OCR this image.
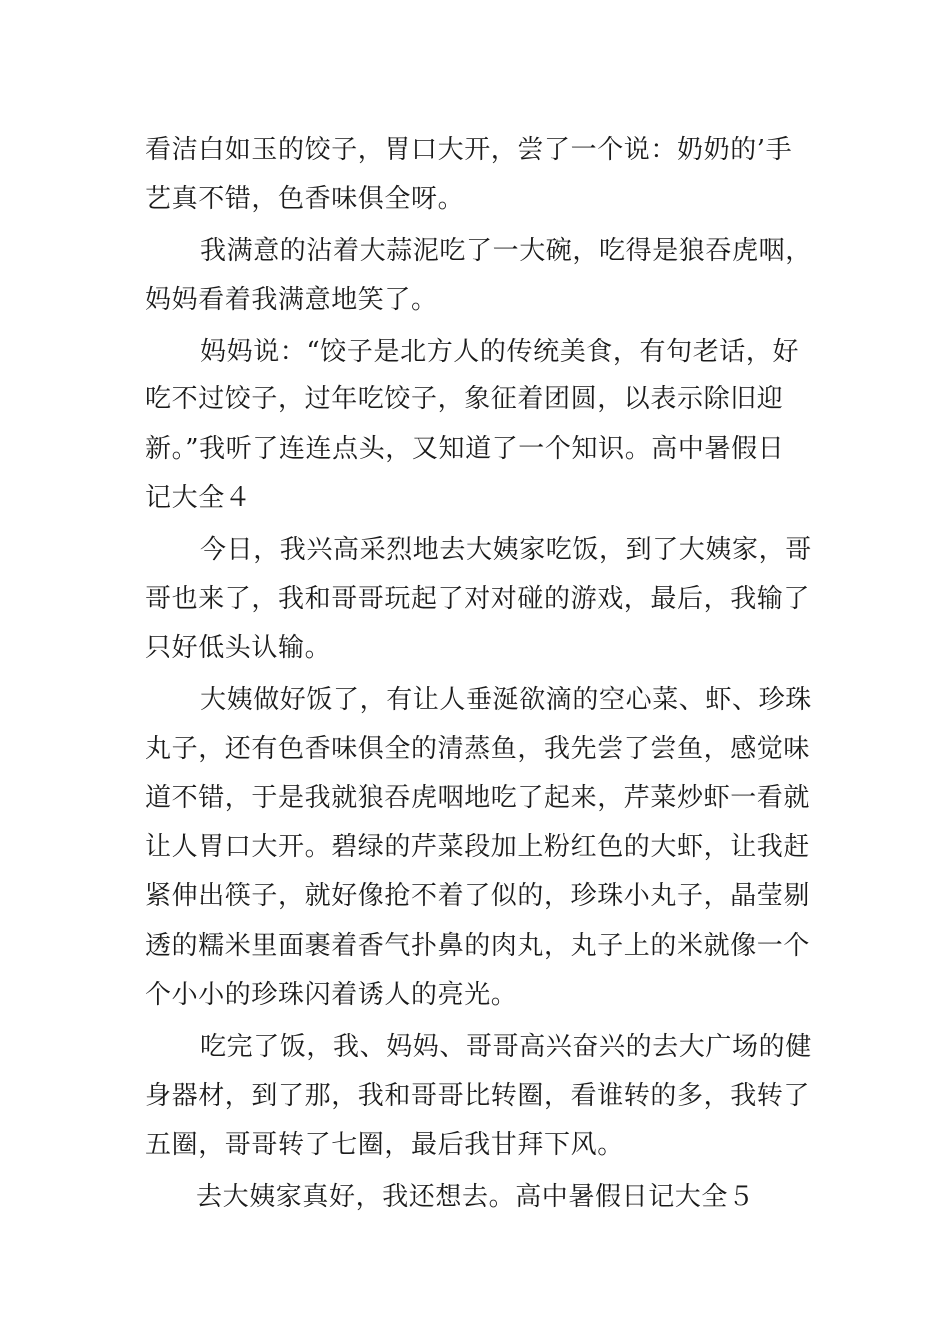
看洁白如玉的饺子，胃口大开，尝了一个说：奶奶的’手

艺真不错，色香味俱全呀。

我满意的沾着大蒜泥吃了一大碗，吃得是狼吞虎咽，

妈妈看着我满意地笑了。

妈妈说：“饺子是北方人的传统美食，有句老话，好

吃不过饺子，过年吃饺子，象征着团圆，以表示除旧迎

新。”我听了连连点头，又知道了一个知识。高中暑假日

记大全４

今日，我兴高采烈地去大姨家吃饭，到了大姨家，哥

哥也来了，我和哥哥玩起了对对碰的游戏，最后，我输了

只好低头认输。

大姨做好饭了，有让人垂涎欲滴的空心菜、虾、珍珠

丸子，还有色香味俱全的清蒸鱼，我先尝了尝鱼，感觉味

道不错，于是我就狼吞虎咽地吃了起来，芹菜炒虾一看就

让人胃口大开。碧绿的芹菜段加上粉红色的大虾，让我赶

紧伸出筷子，就好像抢不着了似的，珍珠小丸子，晶莹剔

透的糯米里面裹着香气扑鼻的肉丸，丸子上的米就像一个

个小小的珍珠闪着诱人的亮光。

吃完了饭，我、妈妈、哥哥高兴奋兴的去大广场的健

身器材，到了那，我和哥哥比转圈，看谁转的多，我转了

五圈，哥哥转了七圈，最后我甘拜下风。

去大姨家真好，我还想去。高中暑假日记大全５
